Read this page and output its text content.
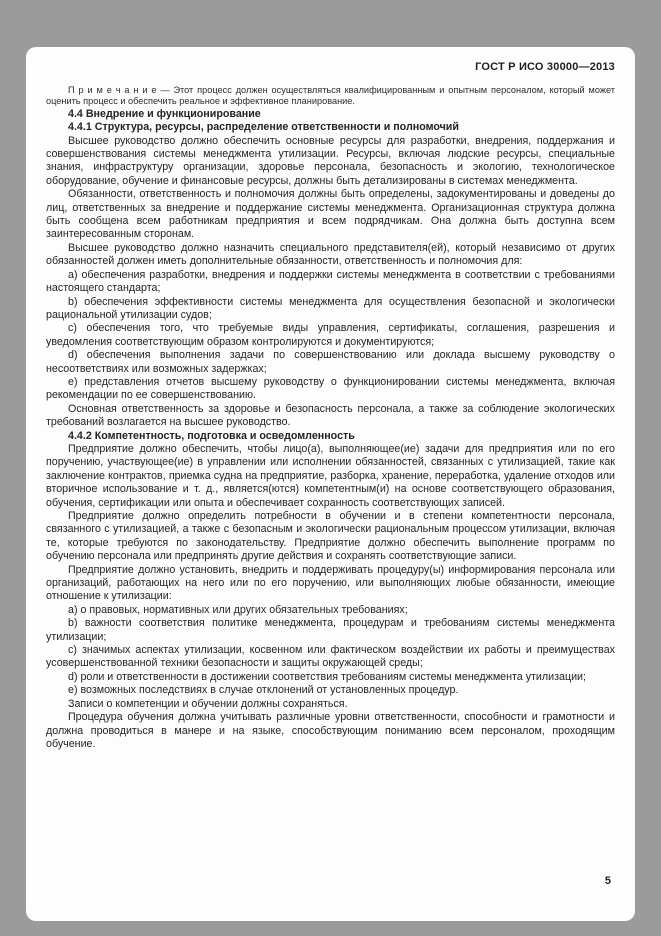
ГОСТ Р ИСО 30000—2013

П р и м е ч а н и е — Этот процесс должен осуществляться квалифицированным и опытным персоналом, который может оценить процесс и обеспечить реальное и эффективное планирование.

4.4 Внедрение и функционирование

4.4.1 Структура, ресурсы, распределение ответственности и полномочий

Высшее руководство должно обеспечить основные ресурсы для разработки, внедрения, поддержания и совершенствования системы менеджмента утилизации. Ресурсы, включая людские ресурсы, специальные знания, инфраструктуру организации, здоровье персонала, безопасность и экологию, технологическое оборудование, обучение и финансовые ресурсы, должны быть детализированы в системах менеджмента.

Обязанности, ответственность и полномочия должны быть определены, задокументированы и доведены до лиц, ответственных за внедрение и поддержание системы менеджмента. Организационная структура должна быть сообщена всем работникам предприятия и всем подрядчикам. Она должна быть доступна всем заинтересованным сторонам.

Высшее руководство должно назначить специального представителя(ей), который независимо от других обязанностей должен иметь дополнительные обязанности, ответственность и полномочия для:

a) обеспечения разработки, внедрения и поддержки системы менеджмента в соответствии с требованиями настоящего стандарта;

b) обеспечения эффективности системы менеджмента для осуществления безопасной и экологически рациональной утилизации судов;

c) обеспечения того, что требуемые виды управления, сертификаты, соглашения, разрешения и уведомления соответствующим образом контролируются и документируются;

d) обеспечения выполнения задачи по совершенствованию или доклада высшему руководству о несоответствиях или возможных задержках;

e) представления отчетов высшему руководству о функционировании системы менеджмента, включая рекомендации по ее совершенствованию.

Основная ответственность за здоровье и безопасность персонала, а также за соблюдение экологических требований возлагается на высшее руководство.

4.4.2 Компетентность, подготовка и осведомленность

Предприятие должно обеспечить, чтобы лицо(а), выполняющее(ие) задачи для предприятия или по его поручению, участвующее(ие) в управлении или исполнении обязанностей, связанных с утилизацией, такие как заключение контрактов, приемка судна на предприятие, разборка, хранение, переработка, удаление отходов или вторичное использование и т. д., является(ются) компетентным(и) на основе соответствующего образования, обучения, сертификации или опыта и обеспечивает сохранность соответствующих записей.

Предприятие должно определить потребности в обучении и в степени компетентности персонала, связанного с утилизацией, а также с безопасным и экологически рациональным процессом утилизации, включая те, которые требуются по законодательству. Предприятие должно обеспечить выполнение программ по обучению персонала или предпринять другие действия и сохранять соответствующие записи.

Предприятие должно установить, внедрить и поддерживать процедуру(ы) информирования персонала или организаций, работающих на него или по его поручению, или выполняющих любые обязанности, имеющие отношение к утилизации:

a) о правовых, нормативных или других обязательных требованиях;

b) важности соответствия политике менеджмента, процедурам и требованиям системы менеджмента утилизации;

c) значимых аспектах утилизации, косвенном или фактическом воздействии их работы и преимуществах усовершенствованной техники безопасности и защиты окружающей среды;

d) роли и ответственности в достижении соответствия требованиям системы менеджмента утилизации;

e) возможных последствиях в случае отклонений от установленных процедур.

Записи о компетенции и обучении должны сохраняться.

Процедура обучения должна учитывать различные уровни ответственности, способности и грамотности и должна проводиться в манере и на языке, способствующим пониманию всем персоналом, проходящим обучение.

5
